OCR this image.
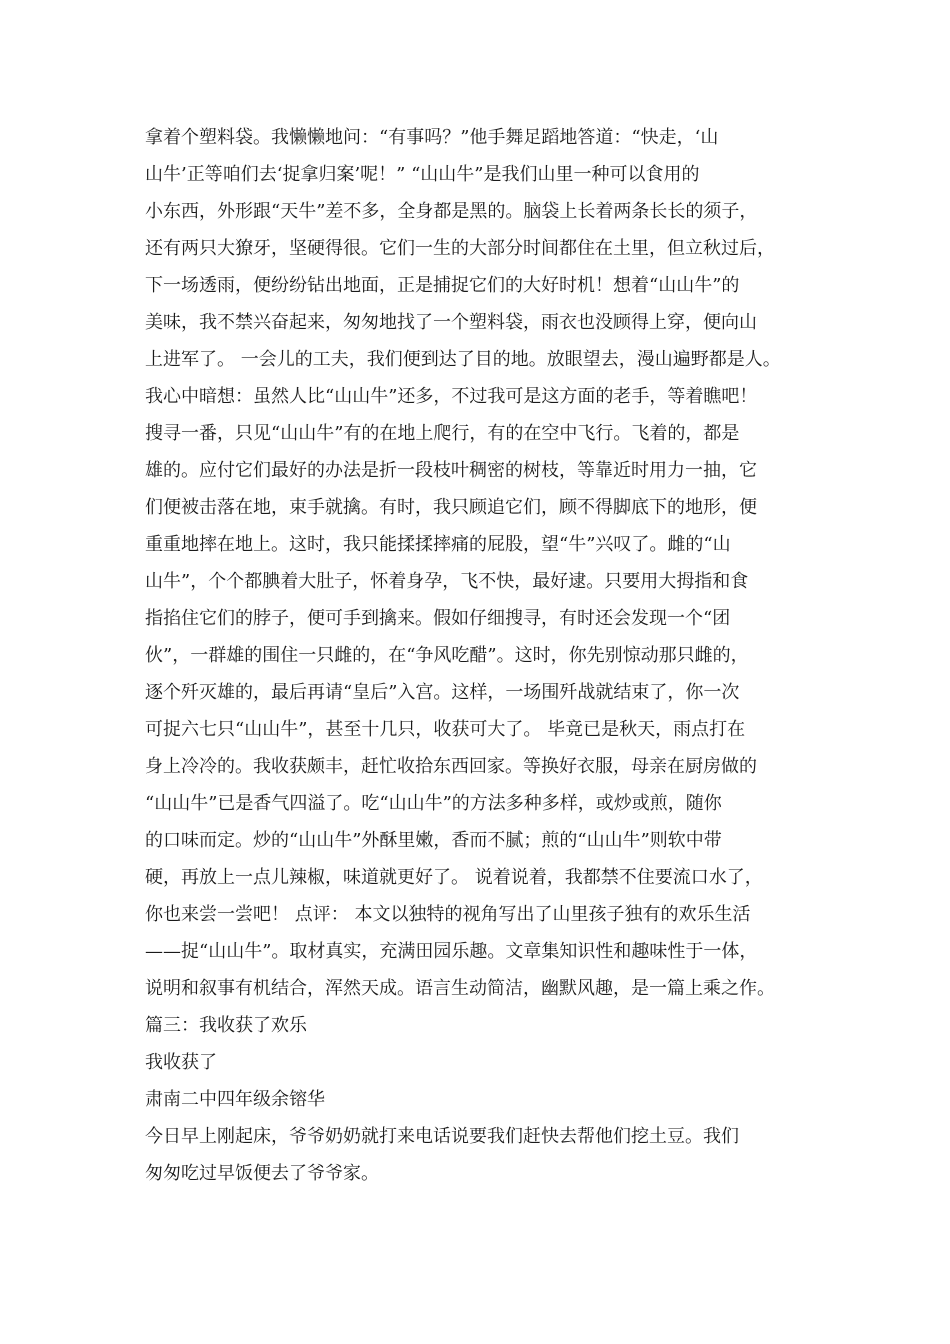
拿着个塑料袋。我懒懒地问：“有事吗？”他手舞足蹈地答道：“快走，‘山
山牛’正等咱们去‘捉拿归案’呢！” “山山牛”是我们山里一种可以食用的
小东西，外形跟“天牛”差不多，全身都是黑的。脑袋上长着两条长长的须子，
还有两只大獠牙，坚硬得很。它们一生的大部分时间都住在土里，但立秋过后，
下一场透雨，便纷纷钻出地面，正是捕捉它们的大好时机！想着“山山牛”的
美味，我不禁兴奋起来，匆匆地找了一个塑料袋，雨衣也没顾得上穿，便向山
上进军了。 一会儿的工夫，我们便到达了目的地。放眼望去，漫山遍野都是人。
我心中暗想：虽然人比“山山牛”还多，不过我可是这方面的老手，等着瞧吧！
搜寻一番，只见“山山牛”有的在地上爬行，有的在空中飞行。飞着的，都是
雄的。应付它们最好的办法是折一段枝叶稠密的树枝，等靠近时用力一抽，它
们便被击落在地，束手就擒。有时，我只顾追它们，顾不得脚底下的地形，便
重重地摔在地上。这时，我只能揉揉摔痛的屁股，望“牛”兴叹了。雌的“山
山牛”，个个都腆着大肚子，怀着身孕，飞不快，最好逮。只要用大拇指和食
指掐住它们的脖子，便可手到擒来。假如仔细搜寻，有时还会发现一个“团
伙”，一群雄的围住一只雌的，在“争风吃醋”。这时，你先别惊动那只雌的，
逐个歼灭雄的，最后再请“皇后”入宫。这样，一场围歼战就结束了，你一次
可捉六七只“山山牛”，甚至十几只，收获可大了。 毕竟已是秋天，雨点打在
身上冷冷的。我收获颇丰，赶忙收拾东西回家。等换好衣服，母亲在厨房做的
“山山牛”已是香气四溢了。吃“山山牛”的方法多种多样，或炒或煎，随你
的口味而定。炒的“山山牛”外酥里嫩，香而不腻；煎的“山山牛”则软中带
硬，再放上一点儿辣椒，味道就更好了。 说着说着，我都禁不住要流口水了，
你也来尝一尝吧！ 点评： 本文以独特的视角写出了山里孩子独有的欢乐生活
——捉“山山牛”。取材真实，充满田园乐趣。文章集知识性和趣味性于一体，
说明和叙事有机结合，浑然天成。语言生动简洁，幽默风趣，是一篇上乘之作。
篇三：我收获了欢乐
我收获了
肃南二中四年级余镕华
今日早上刚起床，爷爷奶奶就打来电话说要我们赶快去帮他们挖土豆。我们
匆匆吃过早饭便去了爷爷家。
